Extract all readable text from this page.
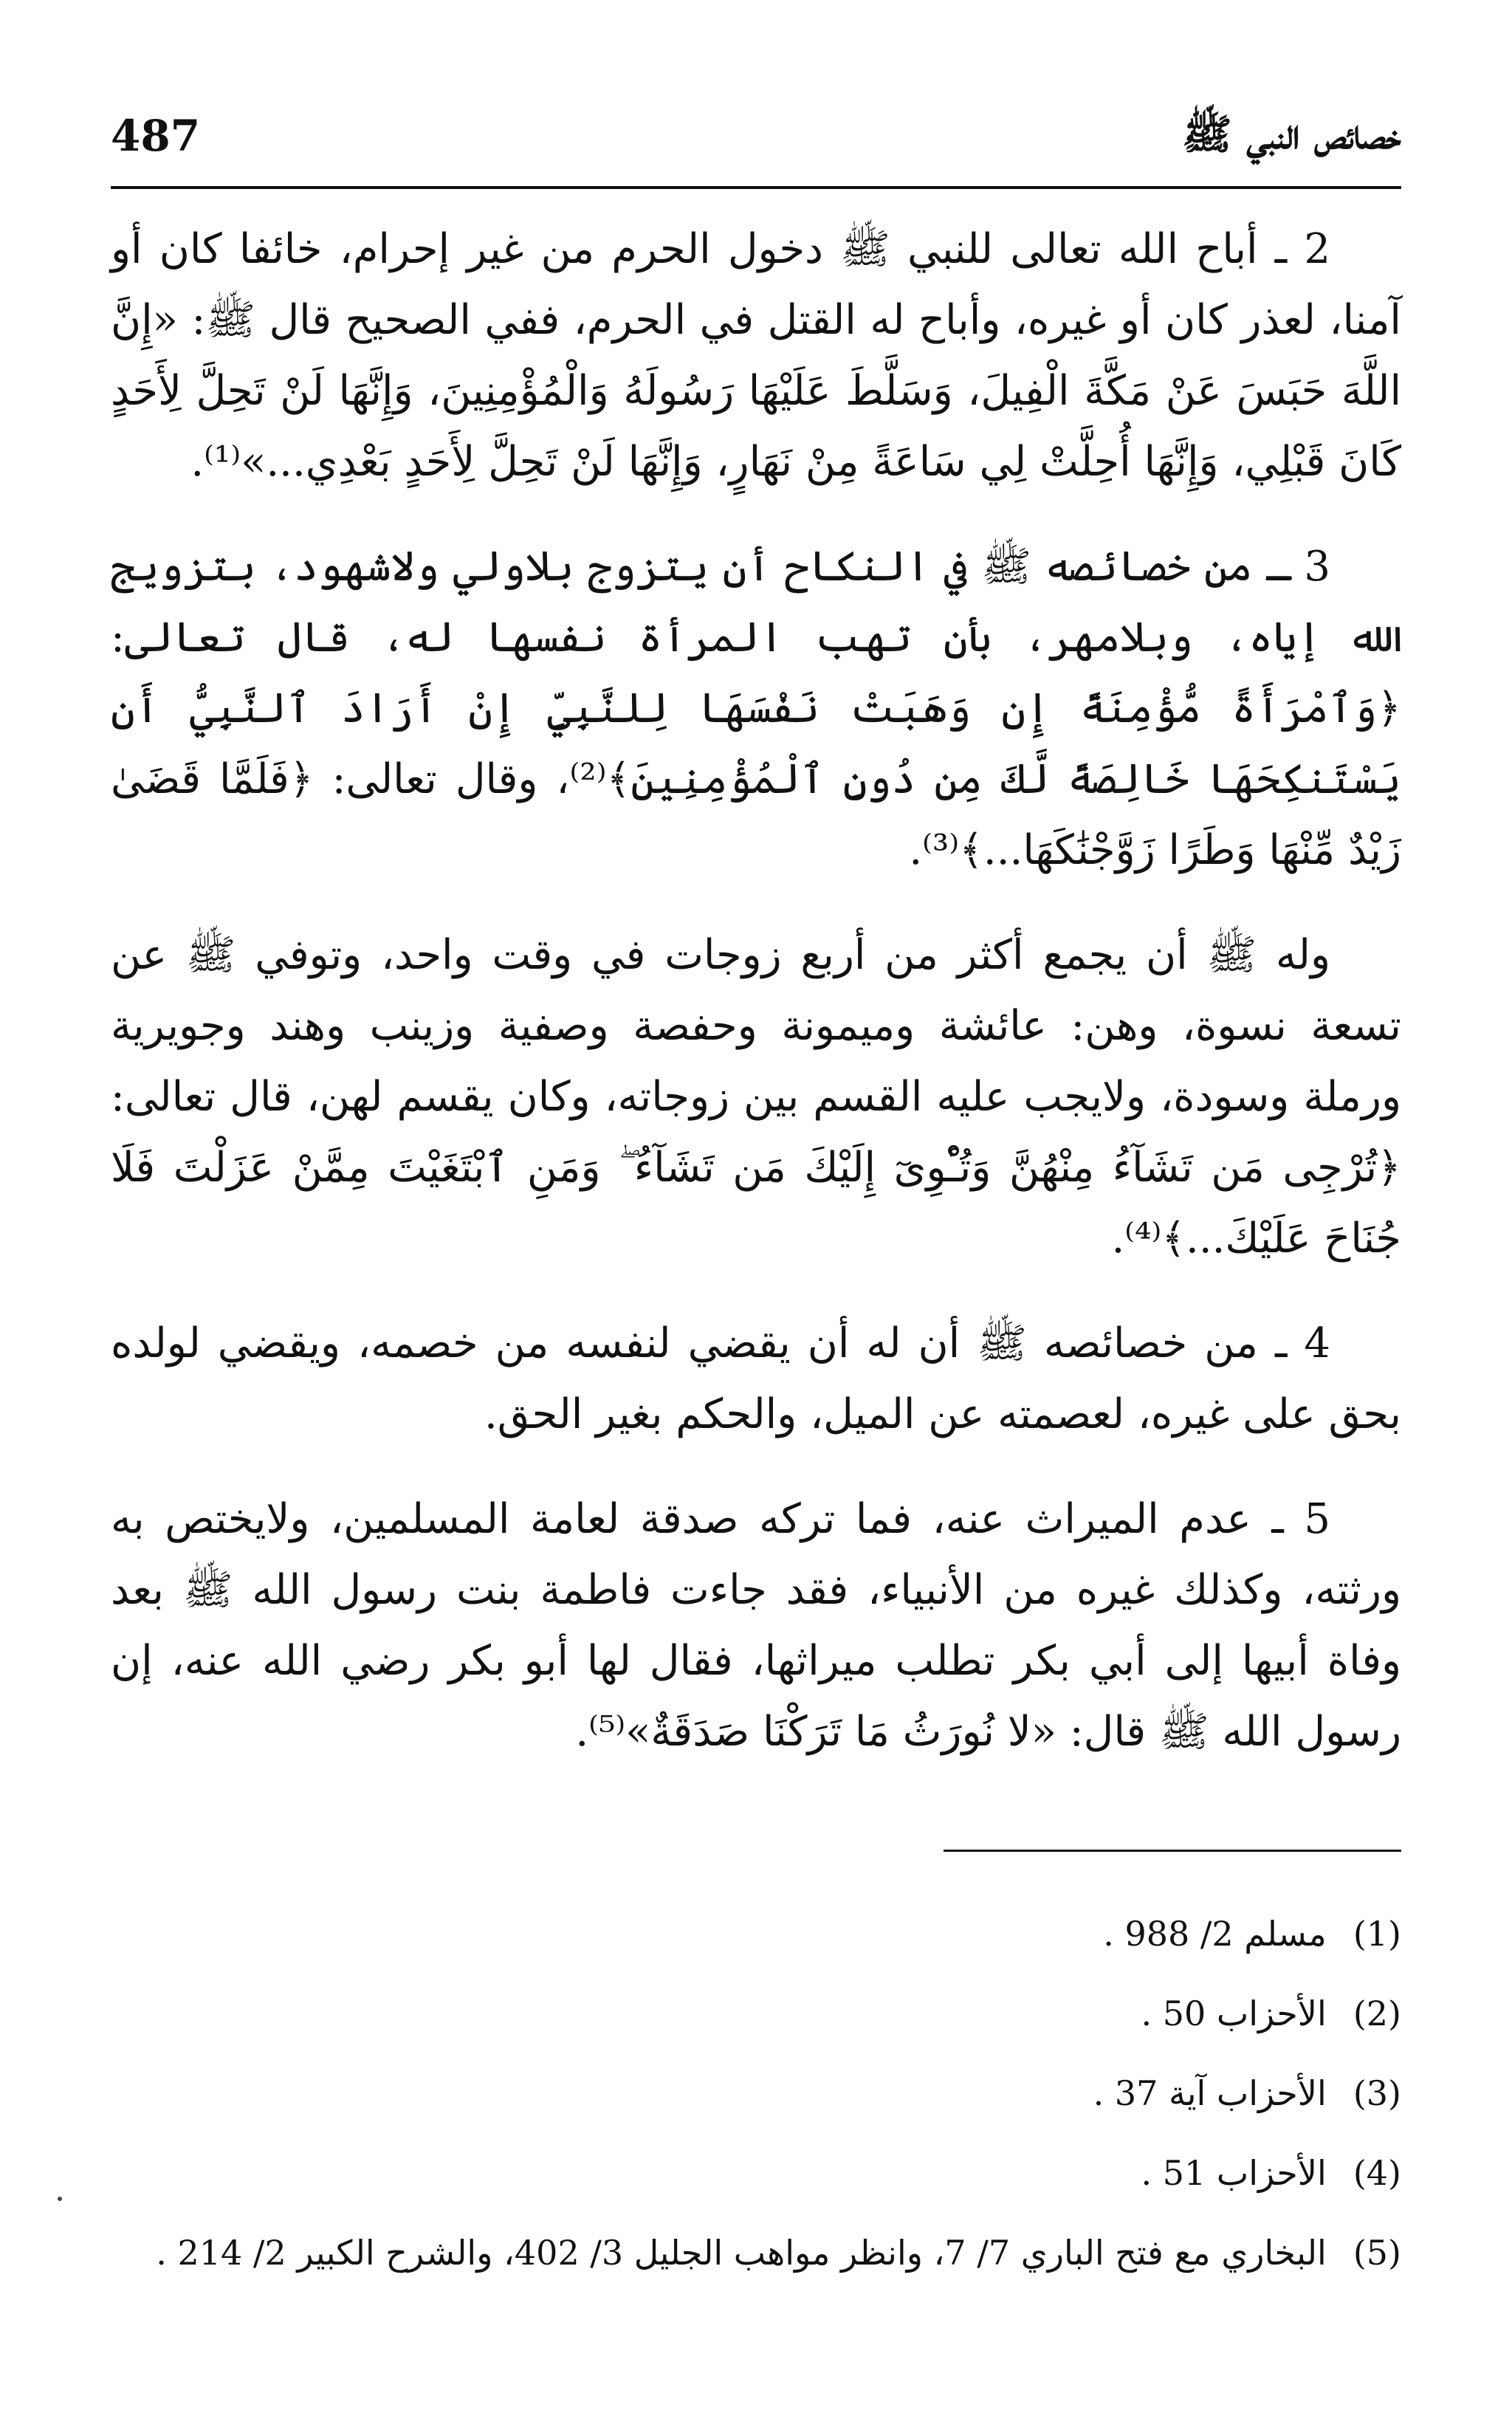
487	خصائص النبي ﷺ

2 ـ أباح الله تعالى للنبي ﷺ دخول الحرم من غير إحرام، خائفا كان أو آمنا، لعذر كان أو غيره، وأباح له القتل في الحرم، ففي الصحيح قال ﷺ: «إِنَّ اللَّهَ حَبَسَ عَنْ مَكَّةَ الْفِيلَ، وَسَلَّطَ عَلَيْهَا رَسُولَهُ وَالْمُؤْمِنِينَ، وَإِنَّهَا لَنْ تَحِلَّ لِأَحَدٍ كَانَ قَبْلِي، وَإِنَّهَا أُحِلَّتْ لِي سَاعَةً مِنْ نَهَارٍ، وَإِنَّهَا لَنْ تَحِلَّ لِأَحَدٍ بَعْدِي...»⁽¹⁾.

3 ـ من خصائصه ﷺ في النكاح أن يتزوج بلاولي ولاشهود، بتزويج الله إياه، وبلامهر، بأن تهب المرأة نفسها له، قال تعالى: ﴿وَٱمْرَأَةً مُّؤْمِنَةً إِن وَهَبَتْ نَفْسَهَا لِلنَّبِيِّ إِنْ أَرَادَ ٱلنَّبِيُّ أَن يَسْتَنكِحَهَا خَالِصَةً لَّكَ مِن دُونِ ٱلْمُؤْمِنِينَ﴾⁽²⁾، وقال تعالى: ﴿فَلَمَّا قَضَىٰ زَيْدٌ مِّنْهَا وَطَرًا زَوَّجْنَٰكَهَا...﴾⁽³⁾.

وله ﷺ أن يجمع أكثر من أربع زوجات في وقت واحد، وتوفي ﷺ عن تسعة نسوة، وهن: عائشة وميمونة وحفصة وصفية وزينب وهند وجويرية ورملة وسودة، ولايجب عليه القسم بين زوجاته، وكان يقسم لهن، قال تعالى: ﴿تُرْجِى مَن تَشَآءُ مِنْهُنَّ وَتُـْٔوِىٓ إِلَيْكَ مَن تَشَآءُ ۖ وَمَنِ ٱبْتَغَيْتَ مِمَّنْ عَزَلْتَ فَلَا جُنَاحَ عَلَيْكَ...﴾⁽⁴⁾.

4 ـ من خصائصه ﷺ أن له أن يقضي لنفسه من خصمه، ويقضي لولده بحق على غيره، لعصمته عن الميل، والحكم بغير الحق.

5 ـ عدم الميراث عنه، فما تركه صدقة لعامة المسلمين، ولايختص به ورثته، وكذلك غيره من الأنبياء، فقد جاءت فاطمة بنت رسول الله ﷺ بعد وفاة أبيها إلى أبي بكر تطلب ميراثها، فقال لها أبو بكر رضي الله عنه، إن رسول الله ﷺ قال: «لا نُورَثُ مَا تَرَكْنَا صَدَقَةٌ»⁽⁵⁾.

(1)مسلم 2/ 988 .
(2)الأحزاب 50 .
(3)الأحزاب آية 37 .
(4)الأحزاب 51 .
(5)البخاري مع فتح الباري 7/ 7، وانظر مواهب الجليل 3/ 402، والشرح الكبير 2/ 214 .
